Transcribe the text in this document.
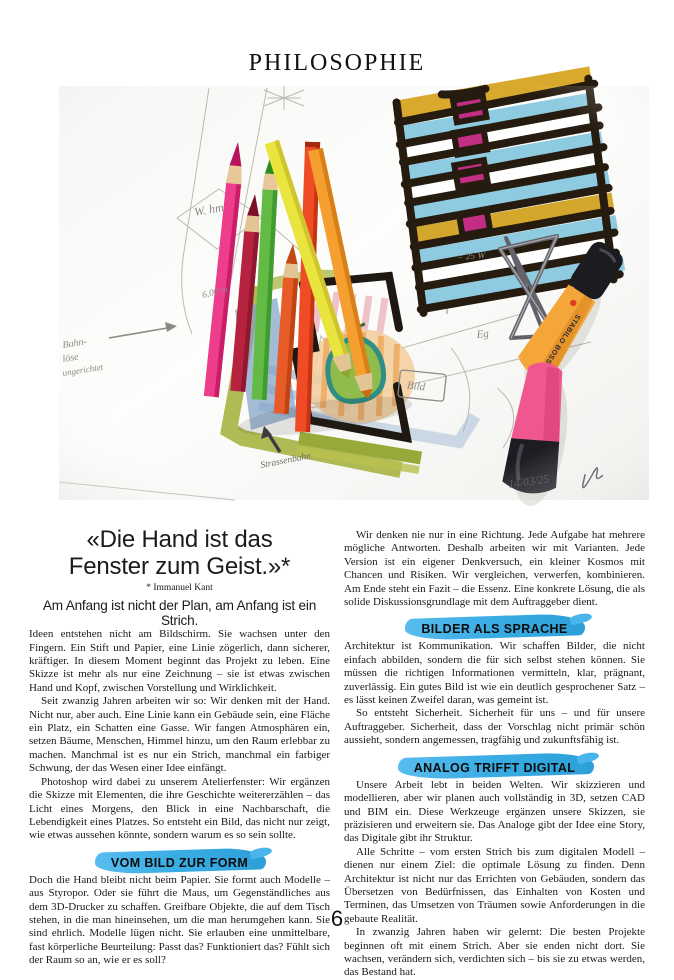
PHILOSOPHIE

«Die Hand ist das
Fenster zum Geist.»*

* Immanuel Kant

Am Anfang ist nicht der Plan, am Anfang ist ein Strich.

Ideen entstehen nicht am Bildschirm. Sie wachsen unter den Fingern. Ein Stift und Papier, eine Linie zögerlich, dann sicherer, kräftiger. In diesem Moment beginnt das Projekt zu leben. Eine Skizze ist mehr als nur eine Zeichnung – sie ist etwas zwischen Hand und Kopf, zwischen Vorstellung und Wirklichkeit.

Seit zwanzig Jahren arbeiten wir so: Wir denken mit der Hand. Nicht nur, aber auch. Eine Linie kann ein Gebäude sein, eine Fläche ein Platz, ein Schatten eine Gasse. Wir fangen Atmosphären ein, setzen Bäume, Menschen, Himmel hinzu, um den Raum erlebbar zu machen. Manchmal ist es nur ein Strich, manchmal ein farbiger Schwung, der das Wesen einer Idee einfängt.

Photoshop wird dabei zu unserem Atelierfenster: Wir ergänzen die Skizze mit Elementen, die ihre Geschichte weitererzählen – das Licht eines Morgens, den Blick in eine Nachbarschaft, die Lebendigkeit eines Platzes. So entsteht ein Bild, das nicht nur zeigt, wie etwas aussehen könnte, sondern warum es so sein sollte.

VOM BILD ZUR FORM

Doch die Hand bleibt nicht beim Papier. Sie formt auch Modelle – aus Styropor. Oder sie führt die Maus, um Gegenständliches aus dem 3D-Drucker zu schaffen. Greifbare Objekte, die auf dem Tisch stehen, in die man hineinsehen, um die man herumgehen kann. Sie sind ehrlich. Modelle lügen nicht. Sie erlauben eine unmittelbare, fast körperliche Beurteilung: Passt das? Funktioniert das? Fühlt sich der Raum so an, wie er es soll?

Wir denken nie nur in eine Richtung. Jede Aufgabe hat mehrere mögliche Antworten. Deshalb arbeiten wir mit Varianten. Jede Version ist ein eigener Denkversuch, ein kleiner Kosmos mit Chancen und Risiken. Wir vergleichen, verwerfen, kombinieren. Am Ende steht ein Fazit – die Essenz. Eine konkrete Lösung, die als solide Diskussionsgrundlage mit dem Auftraggeber dient.

BILDER ALS SPRACHE

Architektur ist Kommunikation. Wir schaffen Bilder, die nicht einfach abbilden, sondern die für sich selbst stehen können. Sie müssen die richtigen Informationen vermitteln, klar, prägnant, zuverlässig. Ein gutes Bild ist wie ein deutlich gesprochener Satz – es lässt keinen Zweifel daran, was gemeint ist.

So entsteht Sicherheit. Sicherheit für uns – und für unsere Auftraggeber. Sicherheit, dass der Vorschlag nicht primär schön aussieht, sondern angemessen, tragfähig und zukunftsfähig ist.

ANALOG TRIFFT DIGITAL

Unsere Arbeit lebt in beiden Welten. Wir skizzieren und modellieren, aber wir planen auch vollständig in 3D, setzen CAD und BIM ein. Diese Werkzeuge ergänzen unsere Skizzen, sie präzisieren und erweitern sie. Das Analoge gibt der Idee eine Story, das Digitale gibt ihr Struktur.

Alle Schritte – vom ersten Strich bis zum digitalen Modell – dienen nur einem Ziel: die optimale Lösung zu finden. Denn Architektur ist nicht nur das Errichten von Gebäuden, sondern das Übersetzen von Bedürfnissen, das Einhalten von Kosten und Terminen, das Umsetzen von Träumen sowie Anforderungen in die gebaute Realität.

In zwanzig Jahren haben wir gelernt: Die besten Projekte beginnen oft mit einem Strich. Aber sie enden nicht dort. Sie wachsen, verändern sich, verdichten sich – bis sie zu etwas werden, das Bestand hat.

6
